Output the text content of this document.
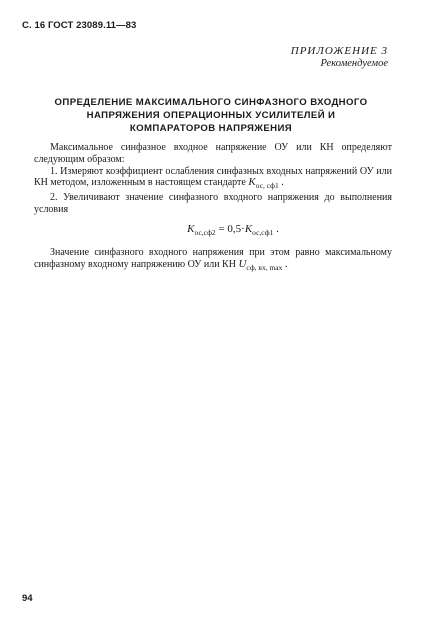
С. 16 ГОСТ 23089.11—83
ПРИЛОЖЕНИЕ 3
Рекомендуемое
ОПРЕДЕЛЕНИЕ МАКСИМАЛЬНОГО СИНФАЗНОГО ВХОДНОГО
НАПРЯЖЕНИЯ ОПЕРАЦИОННЫХ УСИЛИТЕЛЕЙ И
КОМПАРАТОРОВ НАПРЯЖЕНИЯ

Максимальное синфазное входное напряжение ОУ или КН определяют следующим образом:

1. Измеряют коэффициент ослабления синфазных входных напряжений ОУ или КН методом, изложенным в настоящем стандарте $K_{ос, сф1}$ .

2. Увеличивают значение синфазного входного напряжения до выполнения условия

$K_{ос,сф2} = 0,5\cdot K_{ос,сф1}$ .

Значение синфазного входного напряжения при этом равно максимальному синфазному входному напряжению ОУ или КН $U_{сф, вх, max}$ .

94
